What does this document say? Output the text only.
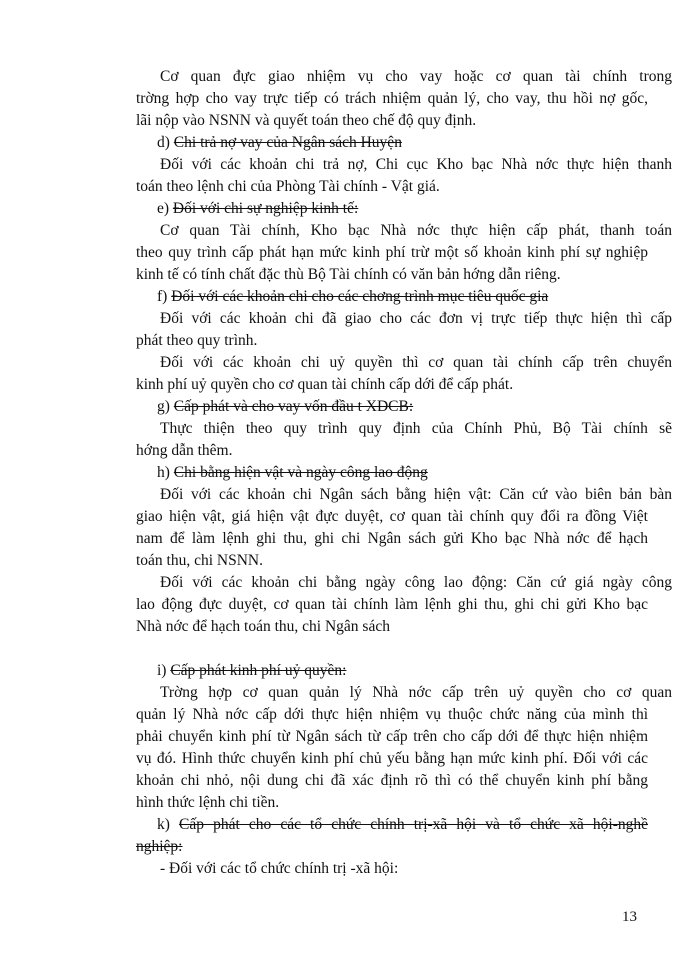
Cơ quan đực giao nhiệm vụ cho vay hoặc cơ quan tài chính trong
trờng hợp cho vay trực tiếp có trách nhiệm quản lý, cho vay, thu hồi nợ gốc,
lãi nộp vào NSNN và quyết toán theo chế độ quy định.
d) Chi trả nợ vay của Ngân sách Huyện
Đối với các khoản chi trả nợ, Chi cục Kho bạc Nhà nớc thực hiện thanh
toán theo lệnh chi của Phòng Tài chính - Vật giá.
e) Đối với chi sự nghiệp kinh tế:
Cơ quan Tài chính, Kho bạc Nhà nớc thực hiện cấp phát, thanh toán
theo quy trình cấp phát hạn mức kinh phí trừ một số khoản kinh phí sự nghiệp
kinh tế có tính chất đặc thù Bộ Tài chính có văn bản hớng dẫn riêng.
f) Đối với các khoản chi cho các chơng trình mục tiêu quốc gia
Đối với các khoản chi đã giao cho các đơn vị trực tiếp thực hiện thì cấp
phát theo quy trình.
Đối với các khoản chi uỷ quyền thì cơ quan tài chính cấp trên chuyển
kinh phí uỷ quyền cho cơ quan tài chính cấp dới để cấp phát.
g) Cấp phát và cho vay vốn đầu t XDCB:
Thực thiện theo quy trình quy định của Chính Phủ, Bộ Tài chính sẽ
hớng dẫn thêm.
h) Chi bằng hiện vật và ngày công lao động
Đối với các khoản chi Ngân sách bằng hiện vật: Căn cứ vào biên bản bàn
giao hiện vật, giá hiện vật đực duyệt, cơ quan tài chính quy đổi ra đồng Việt
nam để làm lệnh ghi thu, ghi chi Ngân sách gửi Kho bạc Nhà nớc để hạch
toán thu, chi NSNN.
Đối với các khoản chi bằng ngày công lao động: Căn cứ giá ngày công
lao động đực duyệt, cơ quan tài chính làm lệnh ghi thu, ghi chi gửi Kho bạc
Nhà nớc để hạch toán thu, chi Ngân sách
i) Cấp phát kinh phí uỷ quyền:
Trờng hợp cơ quan quản lý Nhà nớc cấp trên uỷ quyền cho cơ quan
quản lý Nhà nớc cấp dới thực hiện nhiệm vụ thuộc chức năng của mình thì
phải chuyển kinh phí từ Ngân sách từ cấp trên cho cấp dới để thực hiện nhiệm
vụ đó. Hình thức chuyển kinh phí chủ yếu bằng hạn mức kinh phí. Đối với các
khoản chi nhỏ, nội dung chi đã xác định rõ thì có thể chuyển kinh phí bằng
hình thức lệnh chi tiền.
k) Cấp phát cho các tổ chức chính trị-xã hội và tổ chức xã hội-nghề
nghiệp:
- Đối với các tổ chức chính trị -xã hội:
13
